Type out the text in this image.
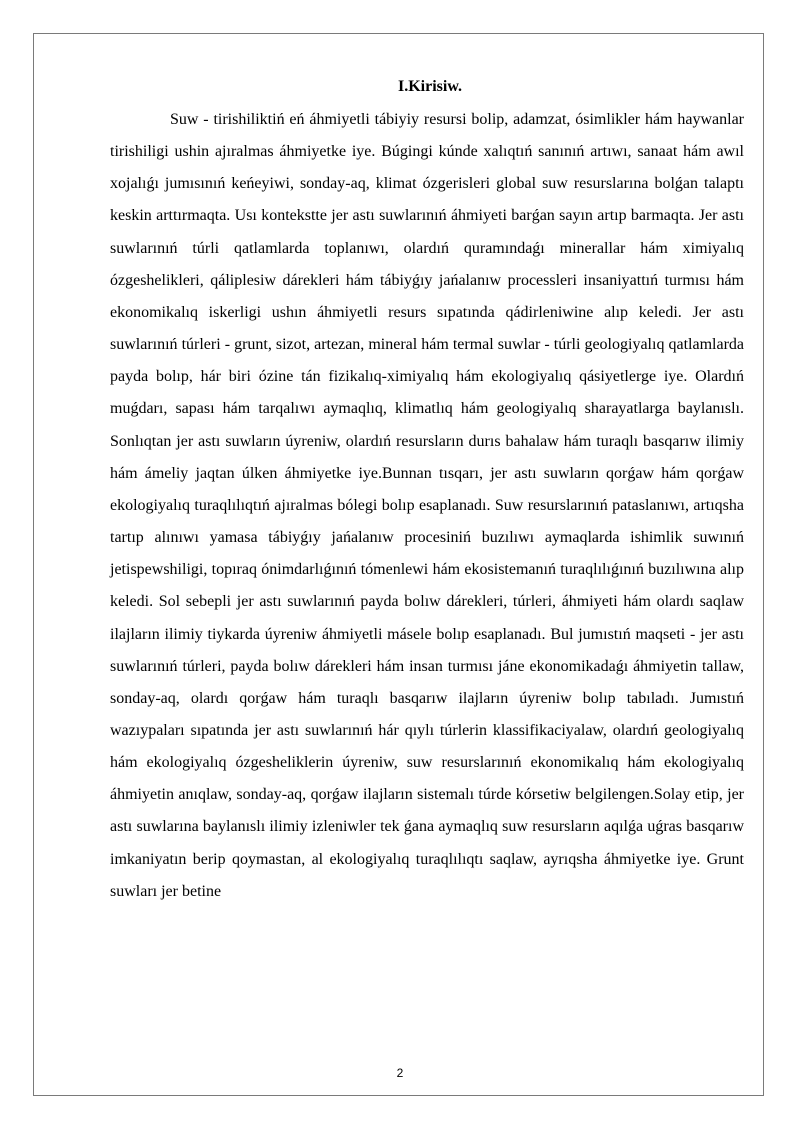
I.Kirisiw.

Suw - tirishiliktiń eń áhmiyetli tábiyiy resursi bolip, adamzat, ósimlikler hám haywanlar tirishiligi ushin ajıralmas áhmiyetke iye. Búgingi kúnde xalıqtıń sanınıń artıwı, sanaat hám awıl xojalıǵı jumısınıń keńeyiwi, sonday-aq, klimat ózgerisleri global suw resurslarına bolǵan talaptı keskin arttırmaqta. Usı kontekstte jer astı suwlarınıń áhmiyeti barǵan sayın artıp barmaqta. Jer astı suwlarınıń túrli qatlamlarda toplanıwı, olardıń quramındaǵı minerallar hám ximiyalıq ózgeshelikleri, qáliplesiw dárekleri hám tábiyǵıy jańalanıw processleri insaniyattıń turmısı hám ekonomikalıq iskerligi ushın áhmiyetli resurs sıpatında qádirleniwine alıp keledi. Jer astı suwlarınıń túrleri - grunt, sizot, artezan, mineral hám termal suwlar - túrli geologiyalıq qatlamlarda payda bolıp, hár biri ózine tán fizikalıq-ximiyalıq hám ekologiyalıq qásiyetlerge iye. Olardıń muǵdarı, sapası hám tarqalıwı aymaqlıq, klimatlıq hám geologiyalıq sharayatlarga baylanıslı. Sonlıqtan jer astı suwların úyreniw, olardıń resursların durıs bahalaw hám turaqlı basqarıw ilimiy hám ámeliy jaqtan úlken áhmiyetke iye.Bunnan tısqarı, jer astı suwların qorǵaw hám qorǵaw ekologiyalıq turaqlılıqtıń ajıralmas bólegi bolıp esaplanadı. Suw resurslarınıń pataslanıwı, artıqsha tartıp alınıwı yamasa tábiyǵıy jańalanıw procesiniń buzılıwı aymaqlarda ishimlik suwınıń jetispewshiligi, topıraq ónimdarlıǵınıń tómenlewi hám ekosistemanıń turaqlılıǵınıń buzılıwına alıp keledi. Sol sebepli jer astı suwlarınıń payda bolıw dárekleri, túrleri, áhmiyeti hám olardı saqlaw ilajların ilimiy tiykarda úyreniw áhmiyetli másele bolıp esaplanadı. Bul jumıstıń maqseti - jer astı suwlarınıń túrleri, payda bolıw dárekleri hám insan turmısı jáne ekonomikadaǵı áhmiyetin tallaw, sonday-aq, olardı qorǵaw hám turaqlı basqarıw ilajların úyreniw bolıp tabıladı. Jumıstıń wazıypaları sıpatında jer astı suwlarınıń hár qıylı túrlerin klassifikaciyalaw, olardıń geologiyalıq hám ekologiyalıq ózgesheliklerin úyreniw, suw resurslarınıń ekonomikalıq hám ekologiyalıq áhmiyetin anıqlaw, sonday-aq, qorǵaw ilajların sistemalı túrde kórsetiw belgilengen.Solay etip, jer astı suwlarına baylanıslı ilimiy izleniwler tek ǵana aymaqlıq suw resursların aqılǵa uǵras basqarıw imkaniyatın berip qoymastan, al ekologiyalıq turaqlılıqtı saqlaw, ayrıqsha áhmiyetke iye. Grunt suwları jer betine

2
